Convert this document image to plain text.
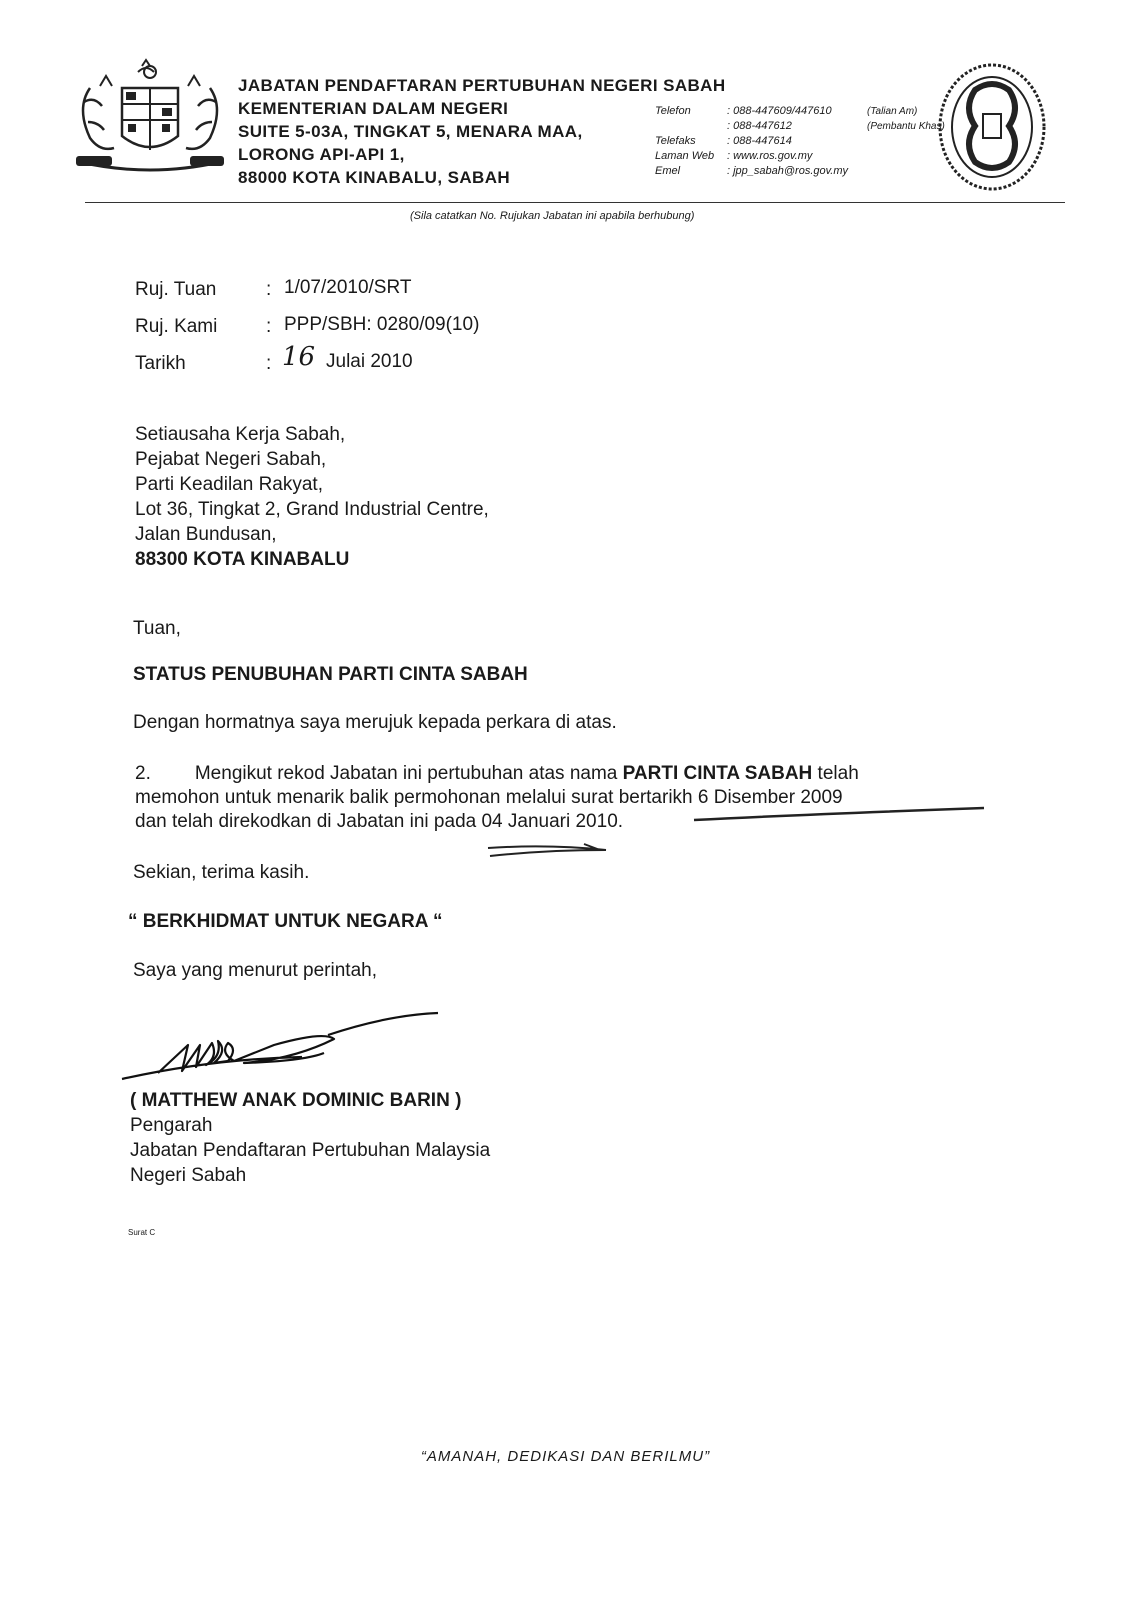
JABATAN PENDAFTARAN PERTUBUHAN NEGERI SABAH
KEMENTERIAN DALAM NEGERI
SUITE 5-03A, TINGKAT 5, MENARA MAA,
LORONG API-API 1,
88000 KOTA KINABALU, SABAH
Telefon	: 088-447609/447610	(Talian Am)
: 088-447612	(Pembantu Khas)
Telefaks	: 088-447614
Laman Web : www.ros.gov.my
Emel	: jpp_sabah@ros.gov.my
(Sila catatkan No. Rujukan Jabatan ini apabila berhubung)
Ruj. Tuan	: 1/07/2010/SRT
Ruj. Kami	: PPP/SBH: 0280/09(10)
Tarikh	: 16 Julai 2010
Setiausaha Kerja Sabah,
Pejabat Negeri Sabah,
Parti Keadilan Rakyat,
Lot 36, Tingkat 2, Grand Industrial Centre,
Jalan Bundusan,
88300 KOTA KINABALU
Tuan,
STATUS PENUBUHAN PARTI CINTA SABAH
Dengan hormatnya saya merujuk kepada perkara di atas.
2. Mengikut rekod Jabatan ini pertubuhan atas nama PARTI CINTA SABAH telah
memohon untuk menarik balik permohonan melalui surat bertarikh 6 Disember 2009
dan telah direkodkan di Jabatan ini pada 04 Januari 2010.
Sekian, terima kasih.
“ BERKHIDMAT UNTUK NEGARA “
Saya yang menurut perintah,
( MATTHEW ANAK DOMINIC BARIN )
Pengarah
Jabatan Pendaftaran Pertubuhan Malaysia
Negeri Sabah
Surat C
“AMANAH, DEDIKASI DAN BERILMU”
